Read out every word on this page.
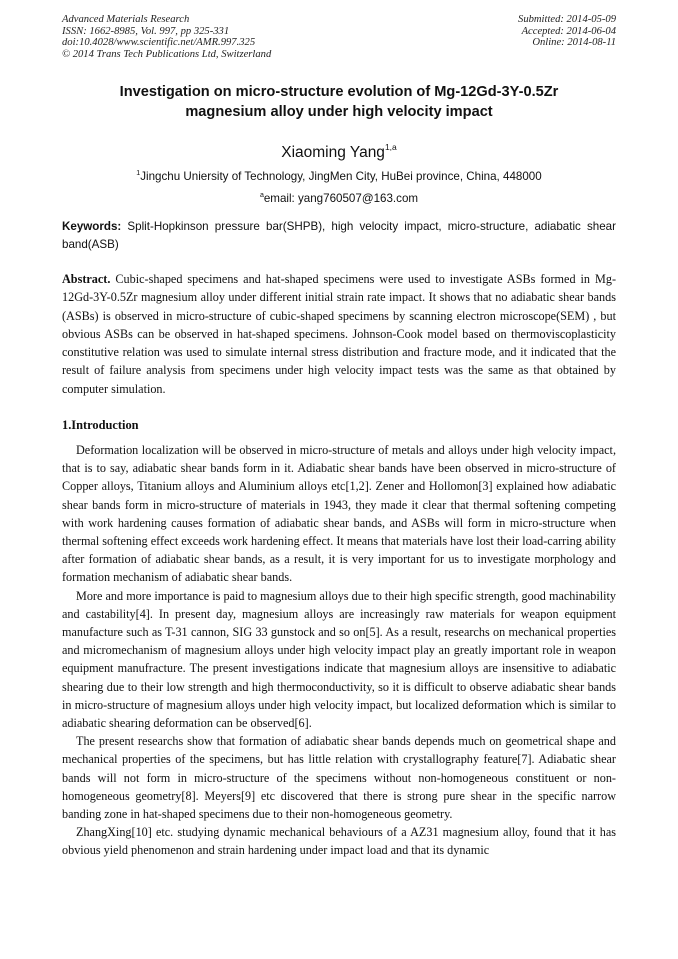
Advanced Materials Research
ISSN: 1662-8985, Vol. 997, pp 325-331
doi:10.4028/www.scientific.net/AMR.997.325
© 2014 Trans Tech Publications Ltd, Switzerland
Submitted: 2014-05-09
Accepted: 2014-06-04
Online: 2014-08-11
Investigation on micro-structure evolution of Mg-12Gd-3Y-0.5Zr
magnesium alloy under high velocity impact
Xiaoming Yang$^{1,a}$
$^1$Jingchu Uniersity of Technology, JingMen City, HuBei province, China, 448000
$^a$email: yang760507@163.com
Keywords: Split-Hopkinson pressure bar(SHPB), high velocity impact, micro-structure, adiabatic shear band(ASB)
Abstract. Cubic-shaped specimens and hat-shaped specimens were used to investigate ASBs formed in Mg-12Gd-3Y-0.5Zr magnesium alloy under different initial strain rate impact. It shows that no adiabatic shear bands (ASBs) is observed in micro-structure of cubic-shaped specimens by scanning electron microscope(SEM) , but obvious ASBs can be observed in hat-shaped specimens. Johnson-Cook model based on thermoviscoplasticity constitutive relation was used to simulate internal stress distribution and fracture mode, and it indicated that the result of failure analysis from specimens under high velocity impact tests was the same as that obtained by computer simulation.
1.Introduction

Deformation localization will be observed in micro-structure of metals and alloys under high velocity impact, that is to say, adiabatic shear bands form in it. Adiabatic shear bands have been observed in micro-structure of Copper alloys, Titanium alloys and Aluminium alloys etc[1,2]. Zener and Hollomon[3] explained how adiabatic shear bands form in micro-structure of materials in 1943, they made it clear that thermal softening competing with work hardening causes formation of adiabatic shear bands, and ASBs will form in micro-structure when thermal softening effect exceeds work hardening effect. It means that materials have lost their load-carring ability after formation of adiabatic shear bands, as a result, it is very important for us to investigate morphology and formation mechanism of adiabatic shear bands.

More and more importance is paid to magnesium alloys due to their high specific strength, good machinability and castability[4]. In present day, magnesium alloys are increasingly raw materials for weapon equipment manufacture such as T-31 cannon, SIG 33 gunstock and so on[5]. As a result, researchs on mechanical properties and micromechanism of magnesium alloys under high velocity impact play an greatly important role in weapon equipment manufracture. The present investigations indicate that magnesium alloys are insensitive to adiabatic shearing due to their low strength and high thermoconductivity, so it is difficult to observe adiabatic shear bands in micro-structure of magnesium alloys under high velocity impact, but localized deformation which is similar to adiabatic shearing deformation can be observed[6].

The present researchs show that formation of adiabatic shear bands depends much on geometrical shape and mechanical properties of the specimens, but has little relation with crystallography feature[7]. Adiabatic shear bands will not form in micro-structure of the specimens without non-homogeneous constituent or non-homogeneous geometry[8]. Meyers[9] etc discovered that there is strong pure shear in the specific narrow banding zone in hat-shaped specimens due to their non-homogeneous geometry.

ZhangXing[10] etc. studying dynamic mechanical behaviours of a AZ31 magnesium alloy, found that it has obvious yield phenomenon and strain hardening under impact load and that its dynamic
